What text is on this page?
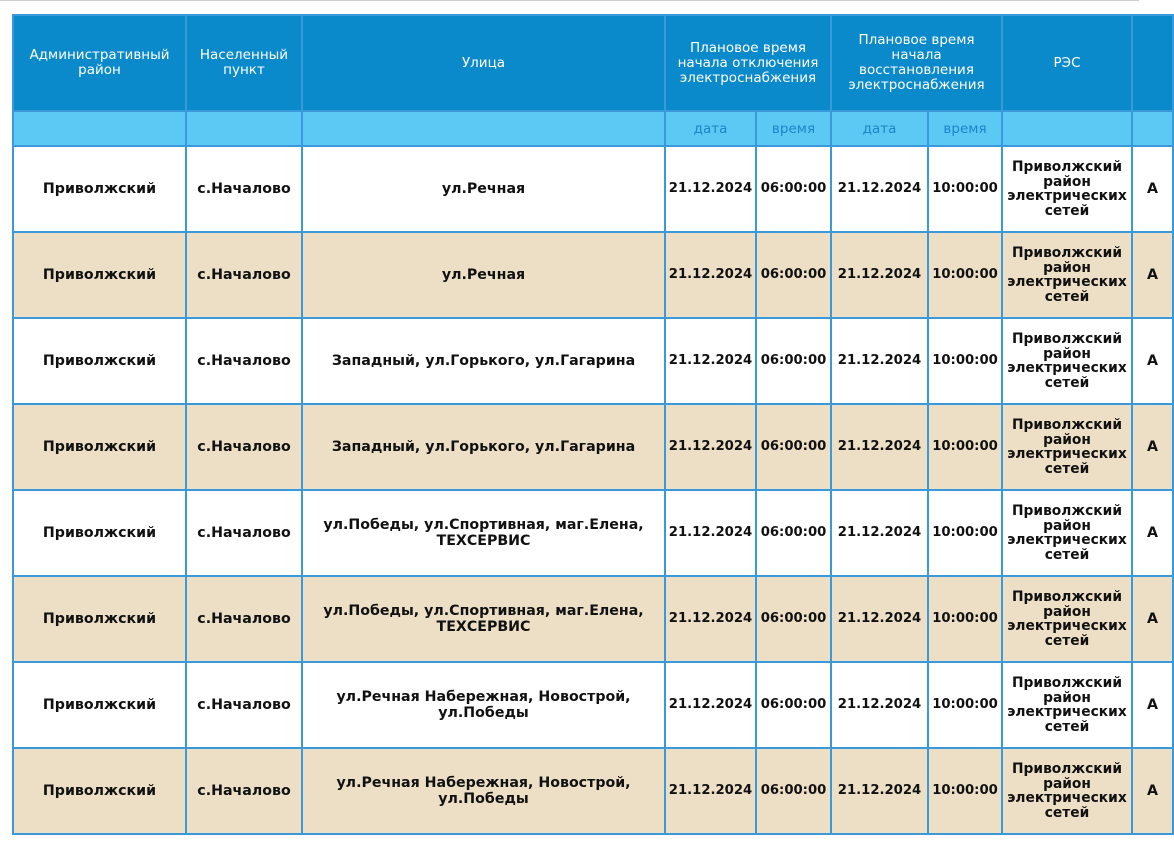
Административный район	Населенный пункт	Улица	Плановое время начала отключения электроснабжения		Плановое время начала восстановления электроснабжения		РЭС	
			дата	время	дата	время		
Приволжский	с.Началово	ул.Речная	21.12.2024	06:00:00	21.12.2024	10:00:00	Приволжский район электрических сетей	А
Приволжский	с.Началово	ул.Речная	21.12.2024	06:00:00	21.12.2024	10:00:00	Приволжский район электрических сетей	А
Приволжский	с.Началово	Западный, ул.Горького, ул.Гагарина	21.12.2024	06:00:00	21.12.2024	10:00:00	Приволжский район электрических сетей	А
Приволжский	с.Началово	Западный, ул.Горького, ул.Гагарина	21.12.2024	06:00:00	21.12.2024	10:00:00	Приволжский район электрических сетей	А
Приволжский	с.Началово	ул.Победы, ул.Спортивная, маг.Елена, ТЕХСЕРВИС	21.12.2024	06:00:00	21.12.2024	10:00:00	Приволжский район электрических сетей	А
Приволжский	с.Началово	ул.Победы, ул.Спортивная, маг.Елена, ТЕХСЕРВИС	21.12.2024	06:00:00	21.12.2024	10:00:00	Приволжский район электрических сетей	А
Приволжский	с.Началово	ул.Речная Набережная, Новострой, ул.Победы	21.12.2024	06:00:00	21.12.2024	10:00:00	Приволжский район электрических сетей	А
Приволжский	с.Началово	ул.Речная Набережная, Новострой, ул.Победы	21.12.2024	06:00:00	21.12.2024	10:00:00	Приволжский район электрических сетей	А
